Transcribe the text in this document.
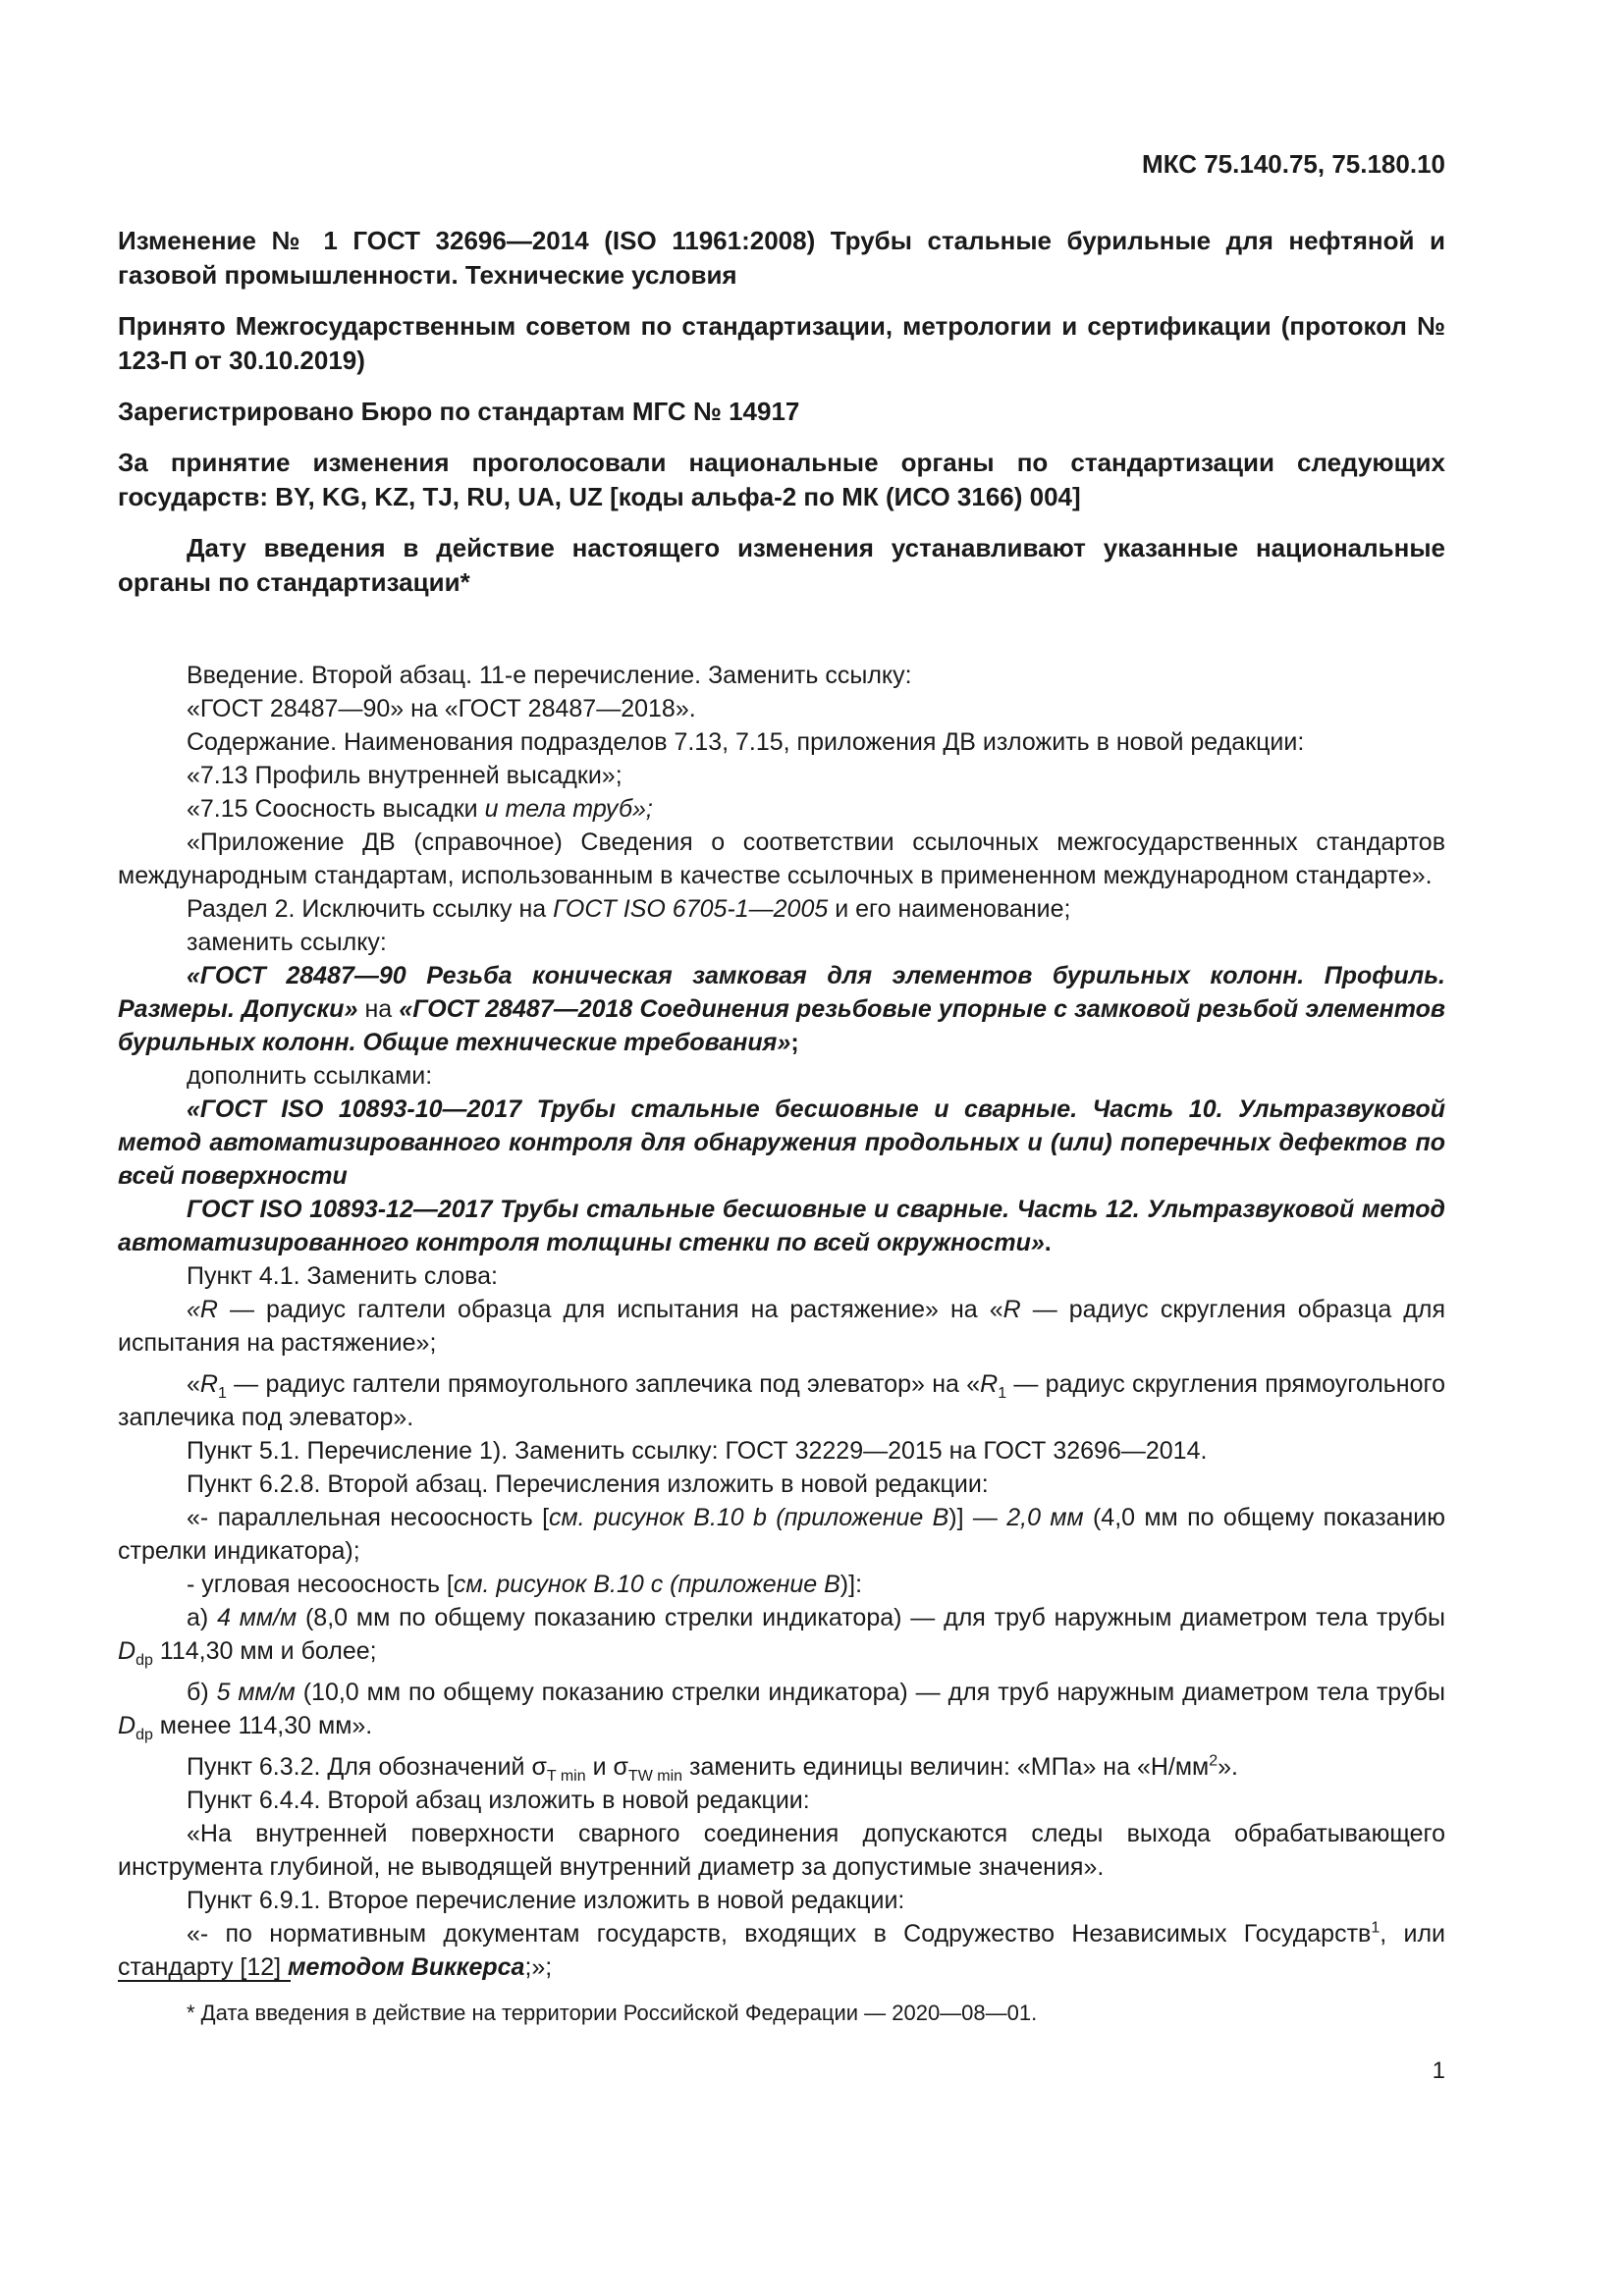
МКС 75.140.75, 75.180.10
Изменение № 1 ГОСТ 32696—2014 (ISO 11961:2008) Трубы стальные бурильные для нефтяной и газовой промышленности. Технические условия
Принято Межгосударственным советом по стандартизации, метрологии и сертификации (протокол № 123-П от 30.10.2019)
Зарегистрировано Бюро по стандартам МГС № 14917
За принятие изменения проголосовали национальные органы по стандартизации следующих государств: BY, KG, KZ, TJ, RU, UA, UZ [коды альфа-2 по МК (ИСО 3166) 004]
Дату введения в действие настоящего изменения устанавливают указанные национальные органы по стандартизации*

Введение. Второй абзац. 11-е перечисление. Заменить ссылку:

«ГОСТ 28487—90» на «ГОСТ 28487—2018».

Содержание. Наименования подразделов 7.13, 7.15, приложения ДВ изложить в новой редакции:

«7.13 Профиль внутренней высадки»;

«7.15 Соосность высадки и тела труб»;

«Приложение ДВ (справочное) Сведения о соответствии ссылочных межгосударственных стандартов международным стандартам, использованным в качестве ссылочных в примененном международном стандарте».

Раздел 2. Исключить ссылку на ГОСТ ISO 6705-1—2005 и его наименование;

заменить ссылку:

«ГОСТ 28487—90 Резьба коническая замковая для элементов бурильных колонн. Профиль. Размеры. Допуски» на «ГОСТ 28487—2018 Соединения резьбовые упорные с замковой резьбой элементов бурильных колонн. Общие технические требования»;

дополнить ссылками:

«ГОСТ ISO 10893-10—2017 Трубы стальные бесшовные и сварные. Часть 10. Ультразвуковой метод автоматизированного контроля для обнаружения продольных и (или) поперечных дефектов по всей поверхности

ГОСТ ISO 10893-12—2017 Трубы стальные бесшовные и сварные. Часть 12. Ультразвуковой метод автоматизированного контроля толщины стенки по всей окружности».

Пункт 4.1. Заменить слова:

«R — радиус галтели образца для испытания на растяжение» на «R — радиус скругления образца для испытания на растяжение»;

«$R_1$ — радиус галтели прямоугольного заплечика под элеватор» на «$R_1$ — радиус скругления прямоугольного заплечика под элеватор».

Пункт 5.1. Перечисление 1). Заменить ссылку: ГОСТ 32229—2015 на ГОСТ 32696—2014.

Пункт 6.2.8. Второй абзац. Перечисления изложить в новой редакции:

«- параллельная несоосность [см. рисунок В.10 b (приложение В)] — 2,0 мм (4,0 мм по общему показанию стрелки индикатора);

- угловая несоосность [см. рисунок В.10 с (приложение В)]:

а) 4 мм/м (8,0 мм по общему показанию стрелки индикатора) — для труб наружным диаметром тела трубы $D_{dp}$ 114,30 мм и более;

б) 5 мм/м (10,0 мм по общему показанию стрелки индикатора) — для труб наружным диаметром тела трубы $D_{dp}$ менее 114,30 мм».

Пункт 6.3.2. Для обозначений $\sigma_{T min}$ и $\sigma_{TW min}$ заменить единицы величин: «МПа» на «$Н/мм^2$».

Пункт 6.4.4. Второй абзац изложить в новой редакции:

«На внутренней поверхности сварного соединения допускаются следы выхода обрабатывающего инструмента глубиной, не выводящей внутренний диаметр за допустимые значения».

Пункт 6.9.1. Второе перечисление изложить в новой редакции:

«- по нормативным документам государств, входящих в Содружество Независимых Государств$^1$, или стандарту [12] методом Виккерса;»;

* Дата введения в действие на территории Российской Федерации — 2020—08—01.
1
